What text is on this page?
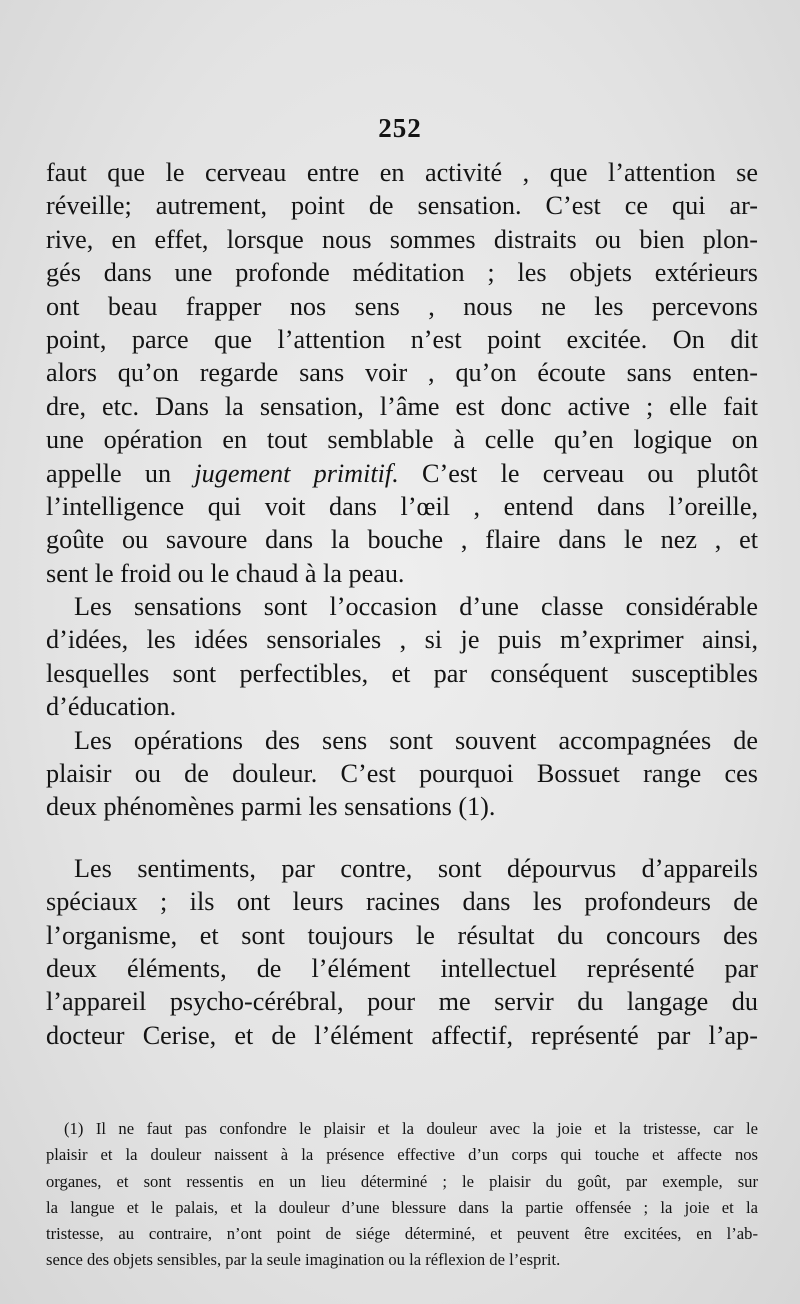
252
faut que le cerveau entre en activité , que l’attention se
réveille; autrement, point de sensation. C’est ce qui ar-
rive, en effet, lorsque nous sommes distraits ou bien plon-
gés dans une profonde méditation ; les objets extérieurs
ont beau frapper nos sens , nous ne les percevons
point, parce que l’attention n’est point excitée. On dit
alors qu’on regarde sans voir , qu’on écoute sans enten-
dre, etc. Dans la sensation, l’âme est donc active ; elle fait
une opération en tout semblable à celle qu’en logique on
appelle un jugement primitif. C’est le cerveau ou plutôt
l’intelligence qui voit dans l’œil , entend dans l’oreille,
goûte ou savoure dans la bouche , flaire dans le nez , et
sent le froid ou le chaud à la peau.
Les sensations sont l’occasion d’une classe considérable
d’idées, les idées sensoriales , si je puis m’exprimer ainsi,
lesquelles sont perfectibles, et par conséquent susceptibles
d’éducation.
Les opérations des sens sont souvent accompagnées de
plaisir ou de douleur. C’est pourquoi Bossuet range ces
deux phénomènes parmi les sensations (1).
Les sentiments, par contre, sont dépourvus d’appareils
spéciaux ; ils ont leurs racines dans les profondeurs de
l’organisme, et sont toujours le résultat du concours des
deux éléments, de l’élément intellectuel représenté par
l’appareil psycho-cérébral, pour me servir du langage du
docteur Cerise, et de l’élément affectif, représenté par l’ap-
(1) Il ne faut pas confondre le plaisir et la douleur avec la joie et la tristesse, car le
plaisir et la douleur naissent à la présence effective d’un corps qui touche et affecte nos
organes, et sont ressentis en un lieu déterminé ; le plaisir du goût, par exemple, sur
la langue et le palais, et la douleur d’une blessure dans la partie offensée ; la joie et la
tristesse, au contraire, n’ont point de siége déterminé, et peuvent être excitées, en l’ab-
sence des objets sensibles, par la seule imagination ou la réflexion de l’esprit.
